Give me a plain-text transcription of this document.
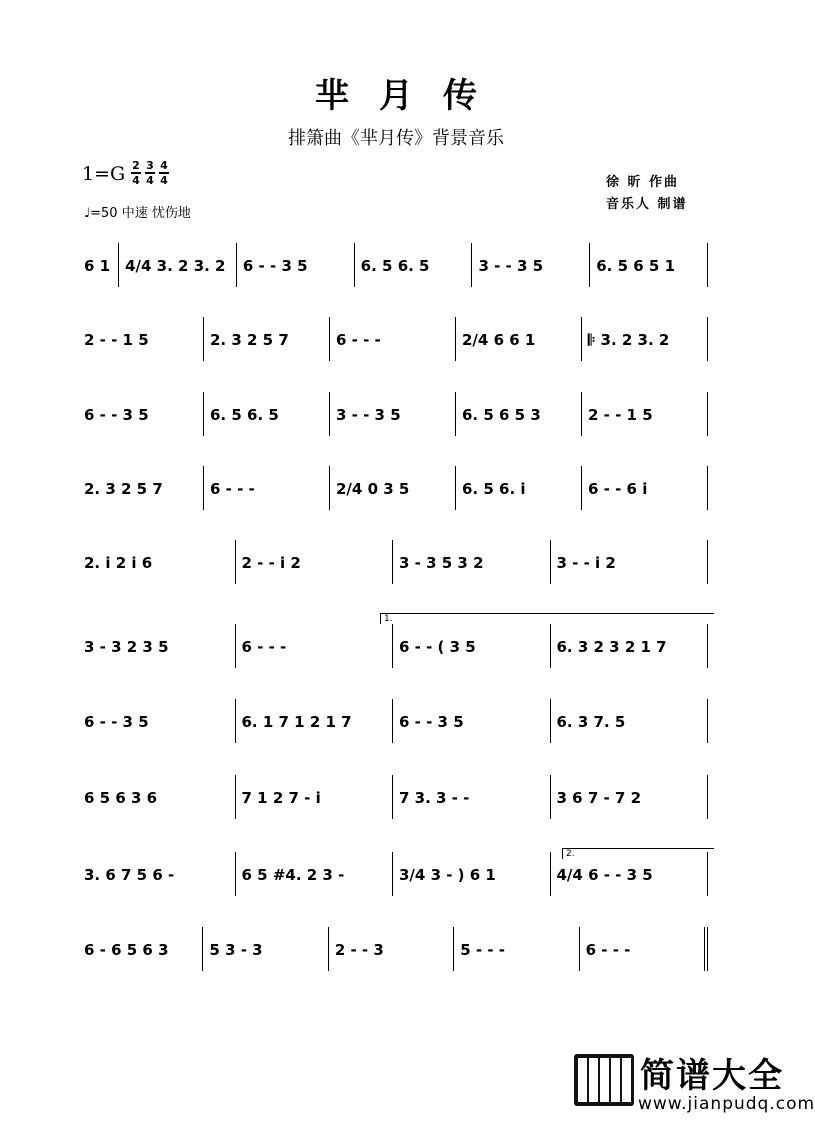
芈月传
排箫曲《芈月传》背景音乐
$1=G \frac{2}{4} \frac{3}{4} \frac{4}{4}$
♩=50 中速 忧伤地
徐 昕 作曲
音乐人 制谱
6 1	4/4 3. 2 3. 2	6 - - 3 5	6. 5 6. 5	3 - - 3 5	6. 5 6 5 1
2 - - 1 5	2. 3 2 5 7	6 - - -	2/4 6 6 1	𝄆 3. 2 3. 2
6 - - 3 5	6. 5 6. 5	3 - - 3 5	6. 5 6 5 3	2 - - 1 5
2. 3 2 5 7	6 - - -	2/4 0 3 5	6. 5 6. i	6 - - 6 i
2. i 2 i 6	2 - - i 2	3 - 3 5 3 2	3 - - i 2
3 - 3 2 3 5	6 - - -	6 - - ( 3 5	6. 3 2 3 2 1 7
6 - - 3 5	6. 1 7 1 2 1 7	6 - - 3 5	6. 3 7. 5
6 5 6 3 6	7 1 2 7 - i	7 3. 3 - -	3 6 7 - 7 2
3. 6 7 5 6 -	6 5 #4. 2 3 -	3/4 3 - ) 6 1	4/4 6 - - 3 5
6 - 6 5 6 3	5 3 - 3	2 - - 3	5 - - -	6 - - -
1.
2.
简谱大全
www.jianpudq.com
